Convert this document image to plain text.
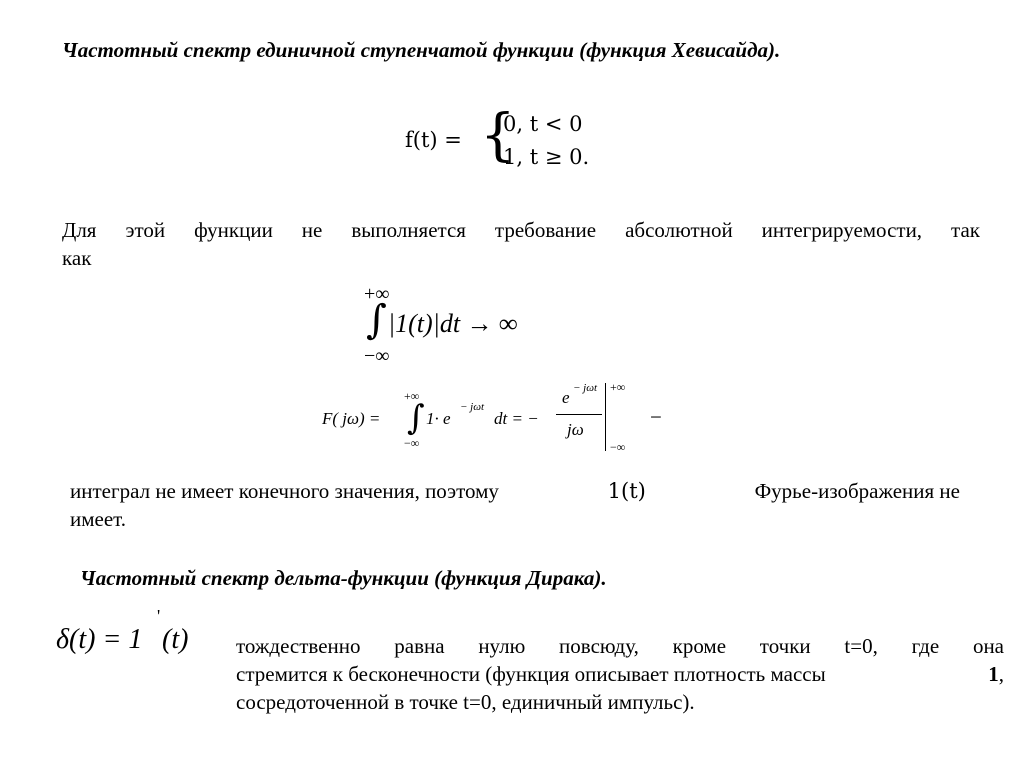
Частотный спектр единичной ступенчатой функции (функция Хевисайда).
f(t) = {
0, t < 0
1, t ≥ 0.
Для этой функции не выполняется требование абсолютной интегрируемости, так
как
+∞
∫ |1(t)|dt → ∞
−∞
F( jω) =
+∞
∫
−∞
1· e
− jωt
dt = −
e − jωt
jω
+∞
−∞
−
интеграл не имеет конечного значения, поэтому	1(t)	Фурье-изображения не
имеет.
Частотный спектр дельта-функции (функция Дирака).
δ(t) = 1
'
(t) тождественно равна нулю повсюду, кроме точки t=0, где она
стремится к бесконечности (функция описывает плотность массы	1,
сосредоточенной в точке t=0, единичный импульс).
